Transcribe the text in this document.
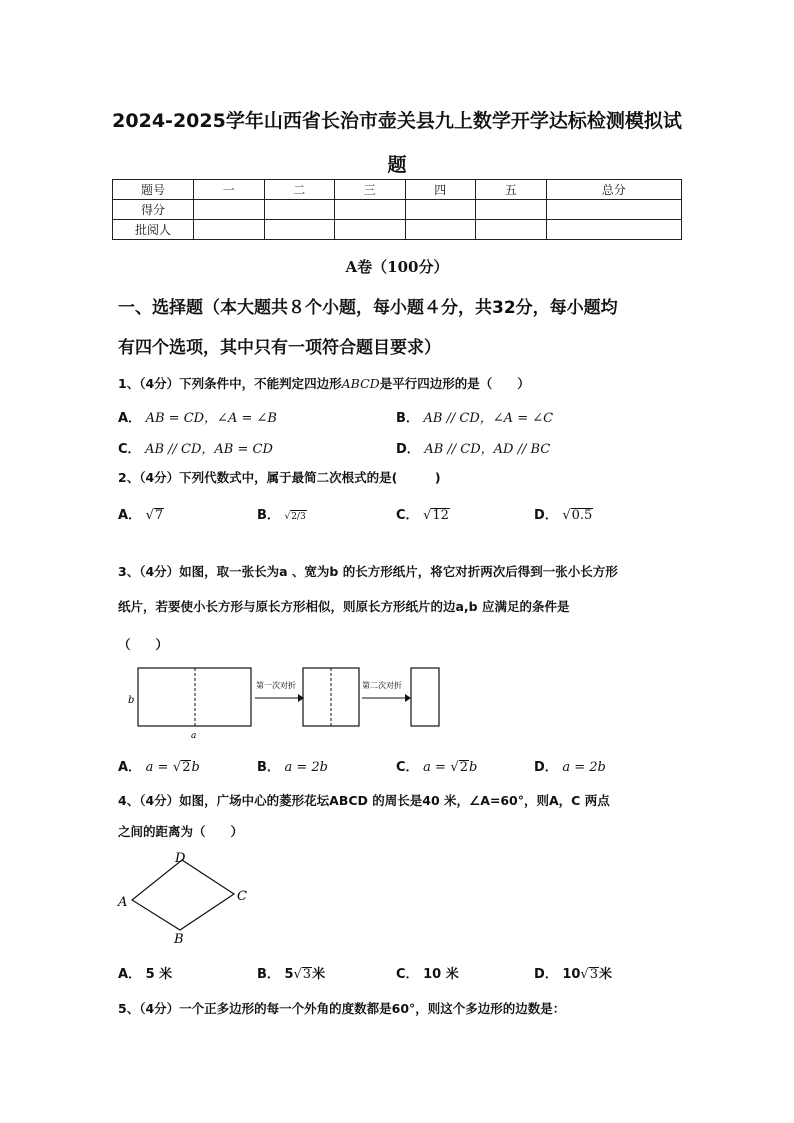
2024-2025学年山西省长治市壶关县九上数学开学达标检测模拟试
题
题号	一	二	三	四	五	总分
得分						
批阅人						
A卷（100分）
一、选择题（本大题共８个小题，每小题４分，共32分，每小题均
有四个选项，其中只有一项符合题目要求）
1、（4分）下列条件中，不能判定四边形ABCD是平行四边形的是（　　）
A． AB = CD，∠A = ∠B	B． AB // CD，∠A = ∠C
C． AB // CD，AB = CD	D． AB // CD，AD // BC
2、（4分）下列代数式中，属于最简二次根式的是(　　　)
A． √7	B． √2/3	C． √12	D． √0.5
3、（4分）如图，取一张长为a 、宽为b 的长方形纸片，将它对折两次后得到一张小长方形
纸片，若要使小长方形与原长方形相似，则原长方形纸片的边a,b 应满足的条件是
（　　）
b
a
第一次对折	第二次对折
A． a = √2b	B． a = 2b	C． a = √2b	D． a = 2b
4、（4分）如图，广场中心的菱形花坛ABCD 的周长是40 米，∠A=60°，则A，C 两点
之间的距离为（　　）
A
B
C
D
A． 5 米	B． 5√3米	C． 10 米	D． 10√3米
5、（4分）一个正多边形的每一个外角的度数都是60°，则这个多边形的边数是：
